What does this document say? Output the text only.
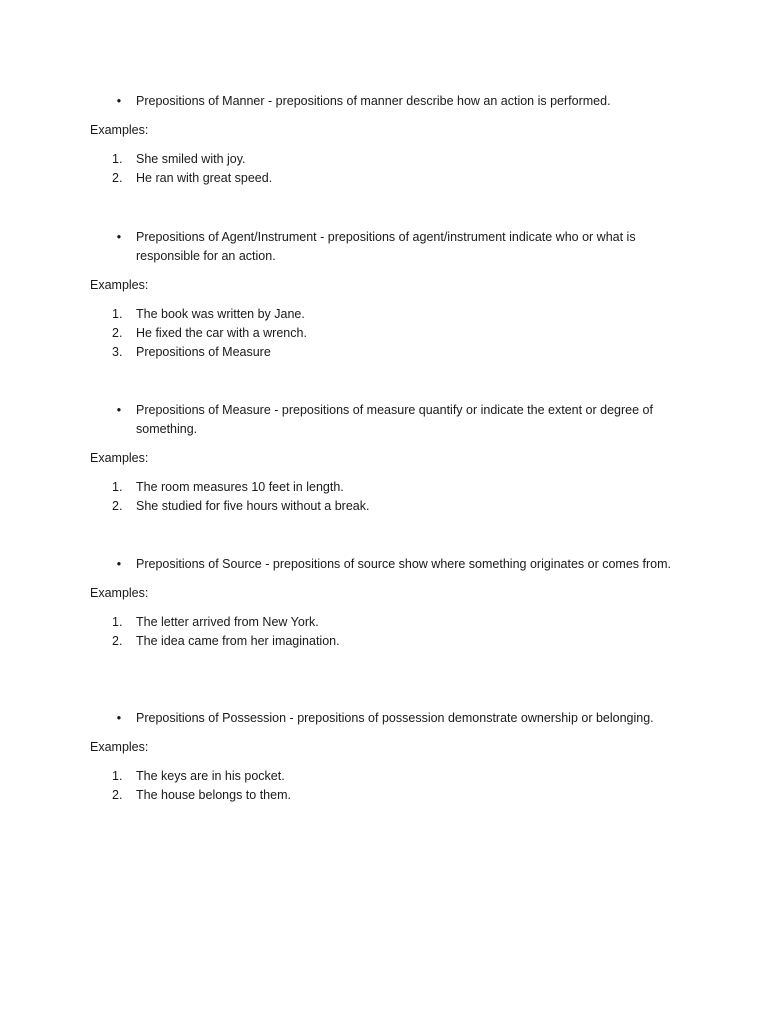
• Prepositions of Manner - prepositions of manner describe how an action is performed.
Examples:
1. She smiled with joy.
2. He ran with great speed.
• Prepositions of Agent/Instrument - prepositions of agent/instrument indicate who or what is responsible for an action.
Examples:
1. The book was written by Jane.
2. He fixed the car with a wrench.
3. Prepositions of Measure
• Prepositions of Measure - prepositions of measure quantify or indicate the extent or degree of something.
Examples:
1. The room measures 10 feet in length.
2. She studied for five hours without a break.
• Prepositions of Source - prepositions of source show where something originates or comes from.
Examples:
1. The letter arrived from New York.
2. The idea came from her imagination.
• Prepositions of Possession - prepositions of possession demonstrate ownership or belonging.
Examples:
1. The keys are in his pocket.
2. The house belongs to them.
